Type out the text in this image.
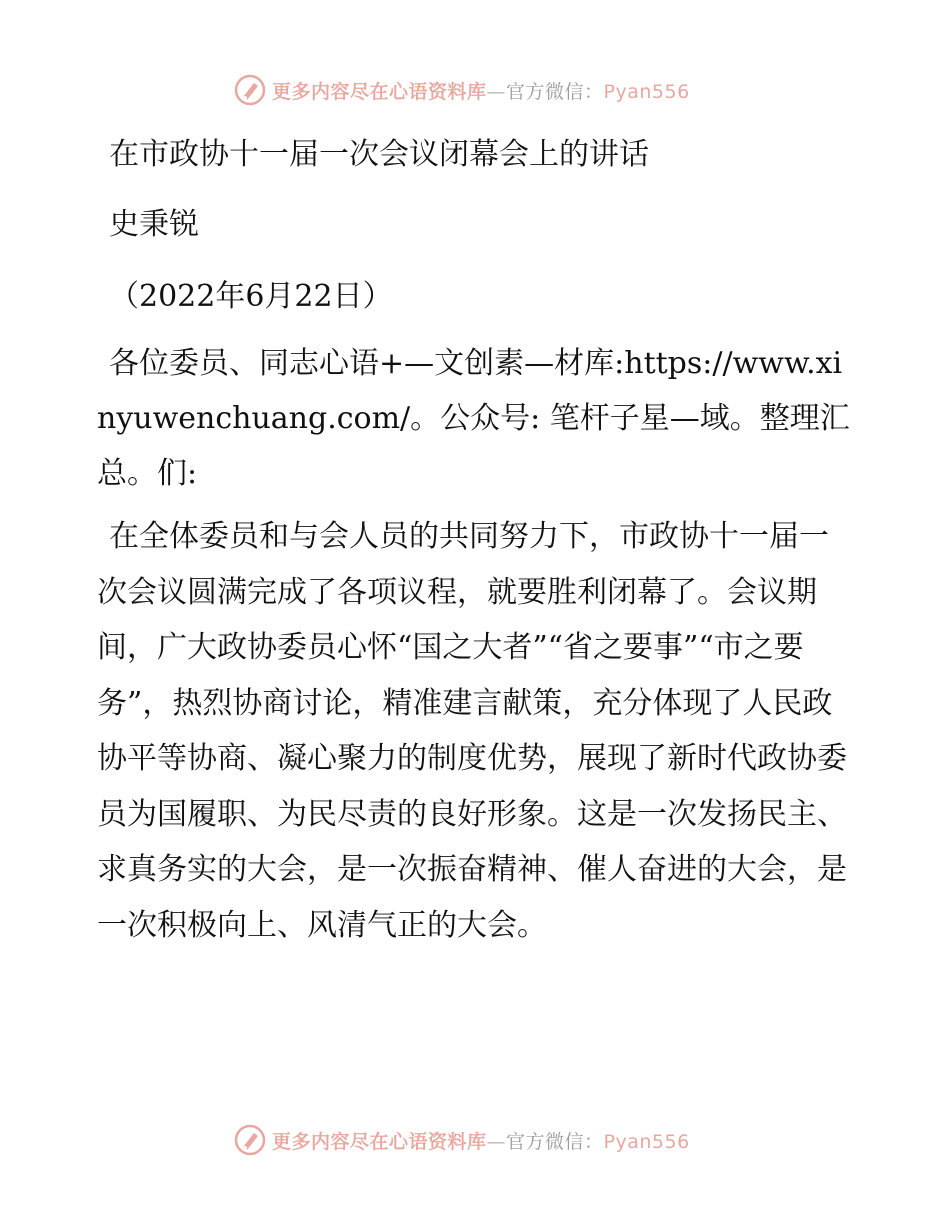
更多内容尽在心语资料库—官方微信：Pyan556

在市政协十一届一次会议闭幕会上的讲话

史秉锐

（2022年6月22日）

各位委员、同志心语+—文创素—材库:https://www.xinyuwenchuang.com/。公众号: 笔杆子星—域。整理汇总。们:

在全体委员和与会人员的共同努力下，市政协十一届一次会议圆满完成了各项议程，就要胜利闭幕了。会议期间，广大政协委员心怀“国之大者”“省之要事”“市之要务”，热烈协商讨论，精准建言献策，充分体现了人民政协平等协商、凝心聚力的制度优势，展现了新时代政协委员为国履职、为民尽责的良好形象。这是一次发扬民主、求真务实的大会，是一次振奋精神、催人奋进的大会，是一次积极向上、风清气正的大会。

更多内容尽在心语资料库—官方微信：Pyan556
